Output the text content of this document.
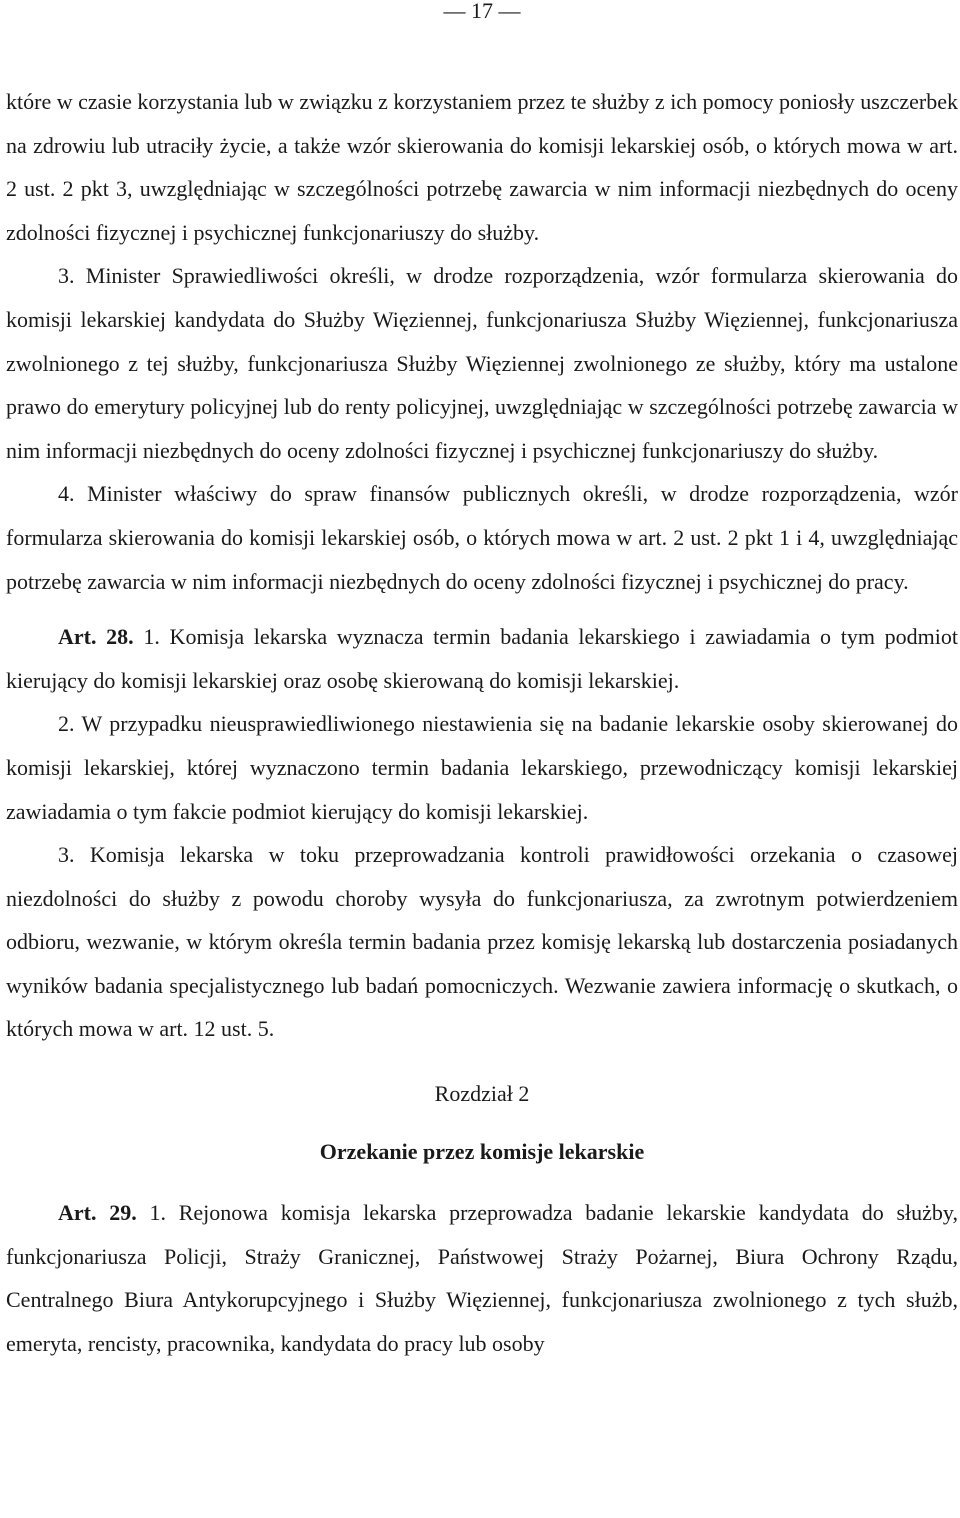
— 17 —

które w czasie korzystania lub w związku z korzystaniem przez te służby z ich pomocy poniosły uszczerbek na zdrowiu lub utraciły życie, a także wzór skierowania do komisji lekarskiej osób, o których mowa w art. 2 ust. 2 pkt 3, uwzględniając w szczególności potrzebę zawarcia w nim informacji niezbędnych do oceny zdolności fizycznej i psychicznej funkcjonariuszy do służby.

3. Minister Sprawiedliwości określi, w drodze rozporządzenia, wzór formularza skierowania do komisji lekarskiej kandydata do Służby Więziennej, funkcjonariusza Służby Więziennej, funkcjonariusza zwolnionego z tej służby, funkcjonariusza Służby Więziennej zwolnionego ze służby, który ma ustalone prawo do emerytury policyjnej lub do renty policyjnej, uwzględniając w szczególności potrzebę zawarcia w nim informacji niezbędnych do oceny zdolności fizycznej i psychicznej funkcjonariuszy do służby.

4. Minister właściwy do spraw finansów publicznych określi, w drodze rozporządzenia, wzór formularza skierowania do komisji lekarskiej osób, o których mowa w art. 2 ust. 2 pkt 1 i 4, uwzględniając potrzebę zawarcia w nim informacji niezbędnych do oceny zdolności fizycznej i psychicznej do pracy.

Art. 28. 1. Komisja lekarska wyznacza termin badania lekarskiego i zawiadamia o tym podmiot kierujący do komisji lekarskiej oraz osobę skierowaną do komisji lekarskiej.

2. W przypadku nieusprawiedliwionego niestawienia się na badanie lekarskie osoby skierowanej do komisji lekarskiej, której wyznaczono termin badania lekarskiego, przewodniczący komisji lekarskiej zawiadamia o tym fakcie podmiot kierujący do komisji lekarskiej.

3. Komisja lekarska w toku przeprowadzania kontroli prawidłowości orzekania o czasowej niezdolności do służby z powodu choroby wysyła do funkcjonariusza, za zwrotnym potwierdzeniem odbioru, wezwanie, w którym określa termin badania przez komisję lekarską lub dostarczenia posiadanych wyników badania specjalistycznego lub badań pomocniczych. Wezwanie zawiera informację o skutkach, o których mowa w art. 12 ust. 5.

Rozdział 2
Orzekanie przez komisje lekarskie

Art. 29. 1. Rejonowa komisja lekarska przeprowadza badanie lekarskie kandydata do służby, funkcjonariusza Policji, Straży Granicznej, Państwowej Straży Pożarnej, Biura Ochrony Rządu, Centralnego Biura Antykorupcyjnego i Służby Więziennej, funkcjonariusza zwolnionego z tych służb, emeryta, rencisty, pracownika, kandydata do pracy lub osoby
